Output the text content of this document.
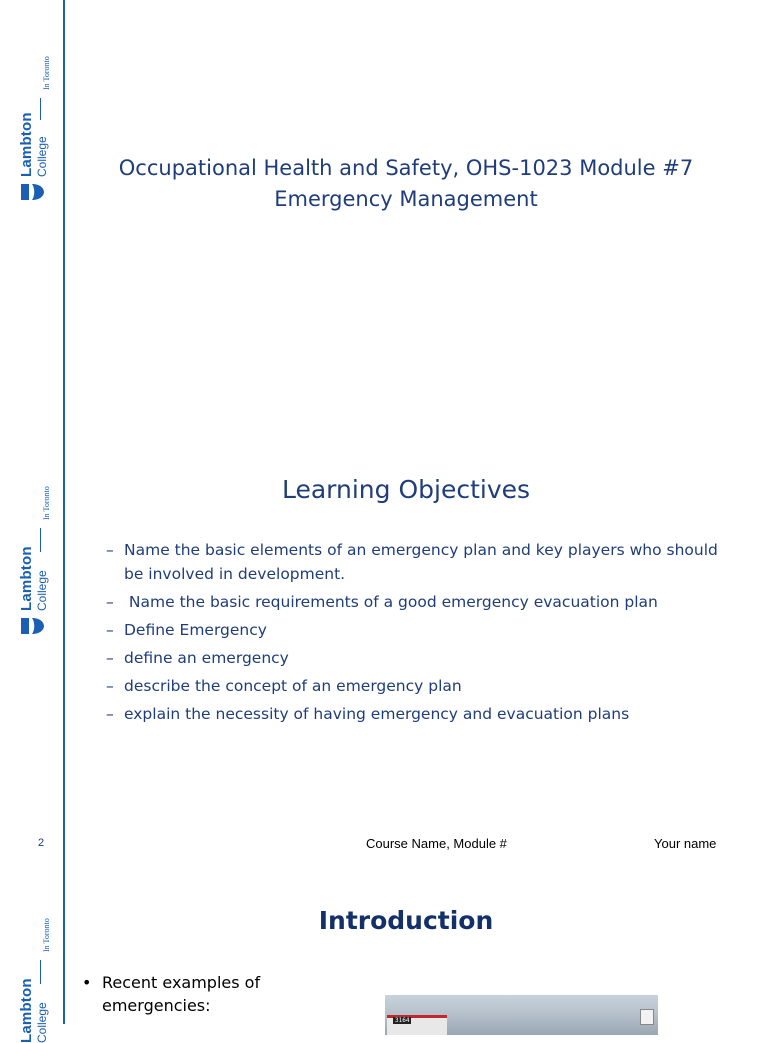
Lambton College
In Toronto
Occupational Health and Safety, OHS-1023 Module #7
Emergency Management
Lambton College
In Toronto	Learning Objectives
– Name the basic elements of an emergency plan and key players who should be involved in development.
– Name the basic requirements of a good emergency evacuation plan
– Define Emergency
– define an emergency
– describe the concept of an emergency plan
– explain the necessity of having emergency and evacuation plans
2	Course Name, Module #	Your name
Lambton College
In Toronto	Introduction
• Recent examples of emergencies:
3164
